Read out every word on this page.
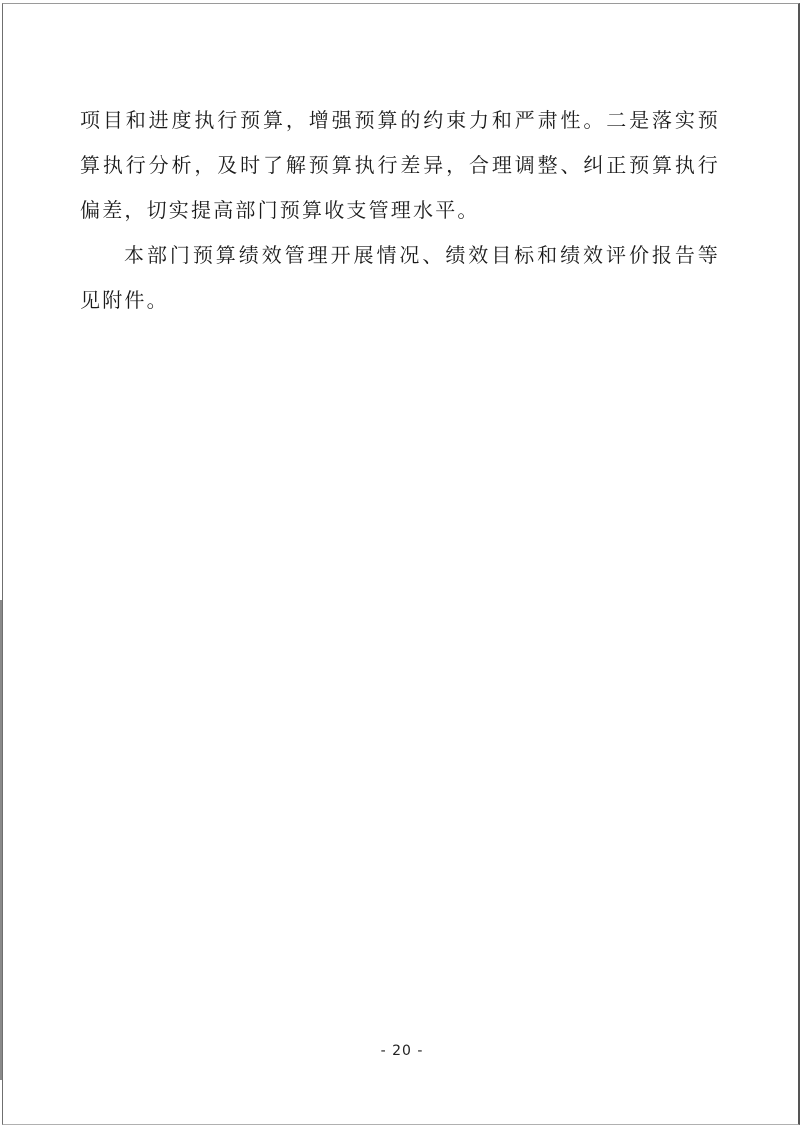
项目和进度执行预算，增强预算的约束力和严肃性。二是落实预算执行分析，及时了解预算执行差异，合理调整、纠正预算执行偏差，切实提高部门预算收支管理水平。

本部门预算绩效管理开展情况、绩效目标和绩效评价报告等见附件。

- 20 -
